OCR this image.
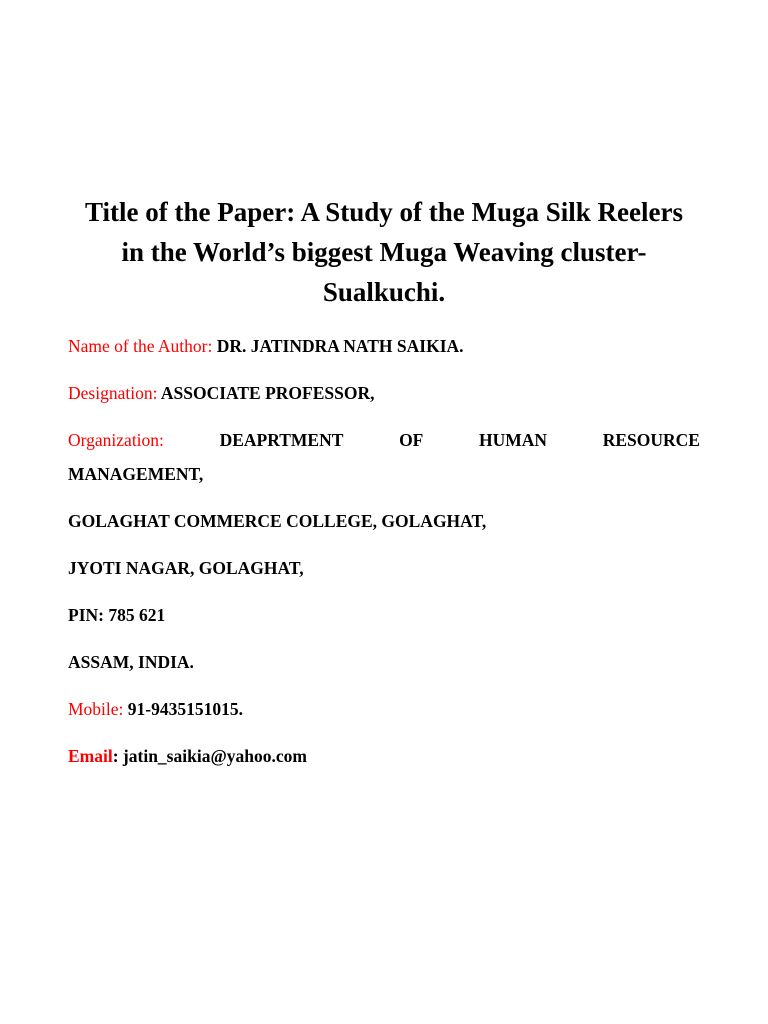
Title of the Paper: A Study of the Muga Silk Reelers
in the World’s biggest Muga Weaving cluster-
Sualkuchi.
Name of the Author: DR. JATINDRA NATH SAIKIA.
Designation: ASSOCIATE PROFESSOR,
Organization:	DEAPRTMENT	OF	HUMAN	RESOURCE
MANAGEMENT,
GOLAGHAT COMMERCE COLLEGE, GOLAGHAT,
JYOTI NAGAR, GOLAGHAT,
PIN: 785 621
ASSAM, INDIA.
Mobile: 91-9435151015.
Email: jatin_saikia@yahoo.com
